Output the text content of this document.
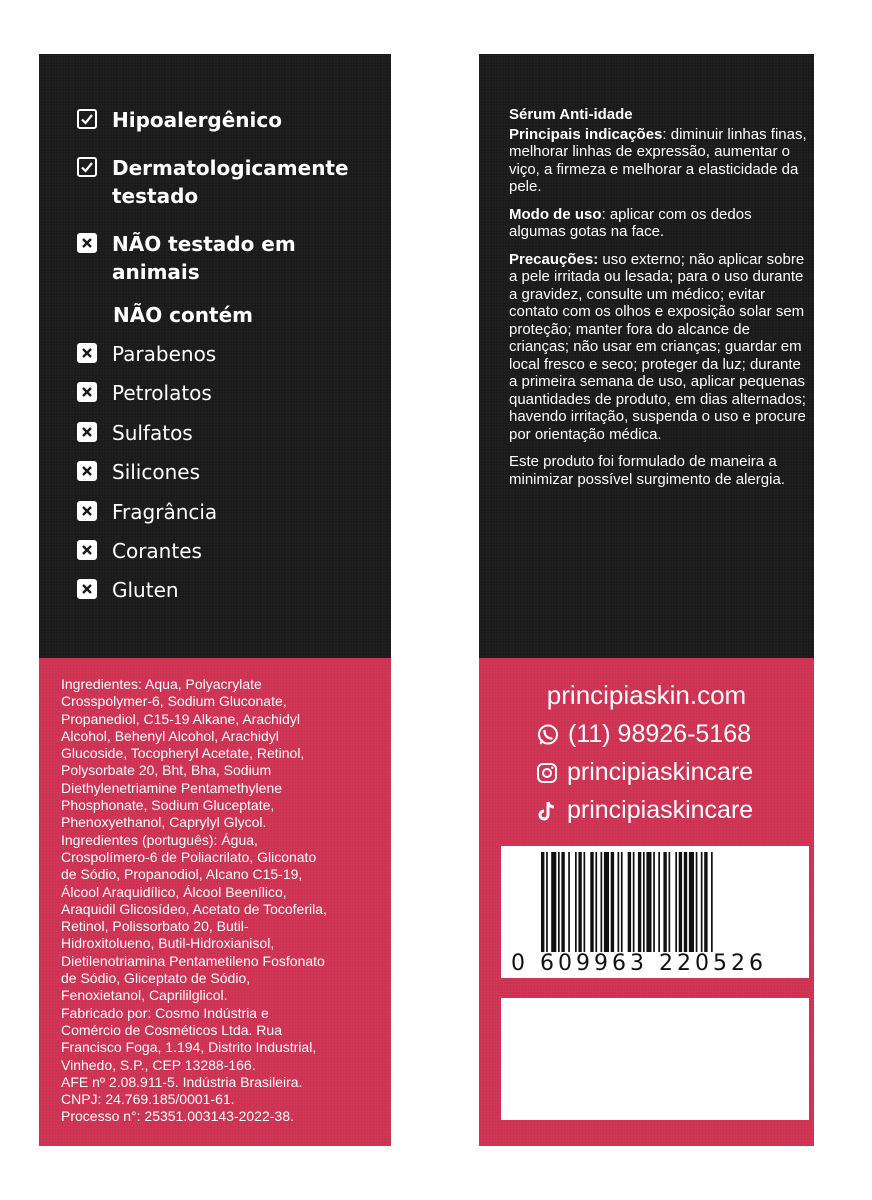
Hipoalergênico
Dermatologicamente
testado
NÃO testado em
animais
NÃO contém
Parabenos
Petrolatos
Sulfatos
Silicones
Fragrância
Corantes
Gluten
Ingredientes: Aqua, Polyacrylate
Crosspolymer-6, Sodium Gluconate,
Propanediol, C15-19 Alkane, Arachidyl
Alcohol, Behenyl Alcohol, Arachidyl
Glucoside, Tocopheryl Acetate, Retinol,
Polysorbate 20, Bht, Bha, Sodium
Diethylenetriamine Pentamethylene
Phosphonate, Sodium Gluceptate,
Phenoxyethanol, Caprylyl Glycol.
Ingredientes (português): Água,
Crospolímero-6 de Poliacrilato, Gliconato
de Sódio, Propanodiol, Alcano C15-19,
Álcool Araquidílico, Álcool Beenílico,
Araquidil Glicosídeo, Acetato de Tocoferila,
Retinol, Polissorbato 20, Butil-
Hidroxitolueno, Butil-Hidroxianisol,
Dietilenotriamina Pentametileno Fosfonato
de Sódio, Gliceptato de Sódio,
Fenoxietanol, Caprililglicol.
Fabricado por: Cosmo Indústria e
Comércio de Cosméticos Ltda. Rua
Francisco Foga, 1.194, Distrito Industrial,
Vinhedo, S.P., CEP 13288-166.
AFE nº 2.08.911-5. Indústria Brasileira.
CNPJ: 24.769.185/0001-61.
Processo n°: 25351.003143-2022-38.

Sérum Anti-idade

Principais indicações: diminuir linhas finas, melhorar linhas de expressão, aumentar o viço, a firmeza e melhorar a elasticidade da pele.

Modo de uso: aplicar com os dedos algumas gotas na face.

Precauções: uso externo; não aplicar sobre a pele irritada ou lesada; para o uso durante a gravidez, consulte um médico; evitar contato com os olhos e exposição solar sem proteção; manter fora do alcance de crianças; não usar em crianças; guardar em local fresco e seco; proteger da luz; durante a primeira semana de uso, aplicar pequenas quantidades de produto, em dias alternados; havendo irritação, suspenda o uso e procure por orientação médica.

Este produto foi formulado de maneira a minimizar possível surgimento de alergia.

principiaskin.com
(11) 98926-5168
principiaskincare
principiaskincare
0 609963 220526
